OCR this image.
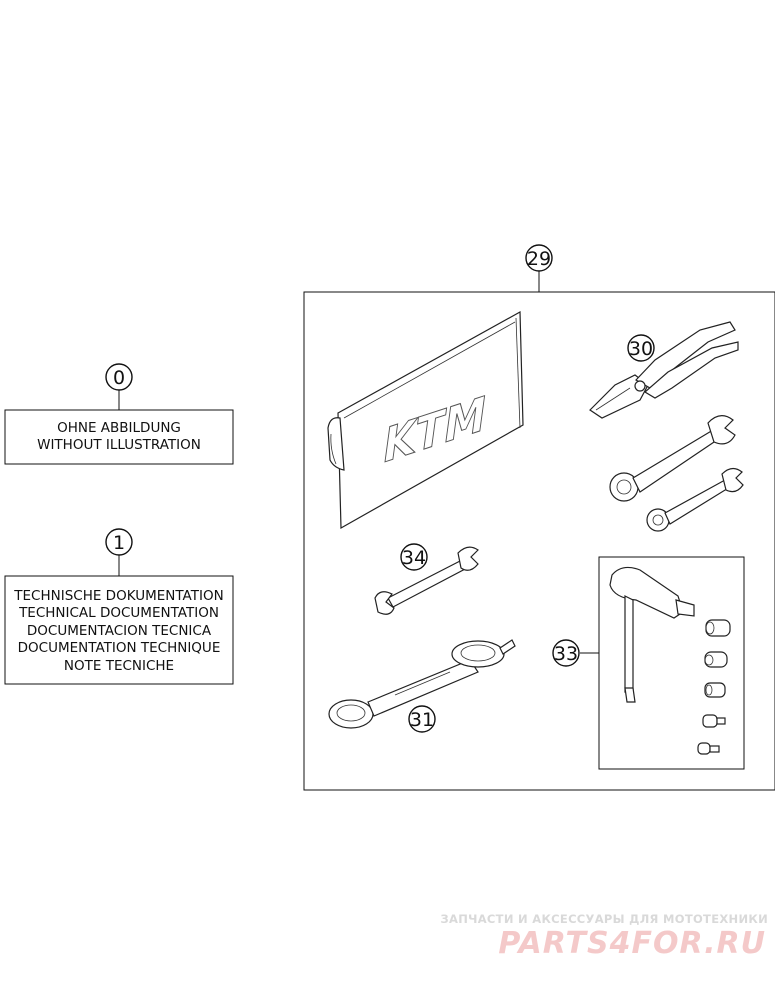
0
OHNE ABBILDUNG
WITHOUT ILLUSTRATION
1
TECHNISCHE DOKUMENTATION
TECHNICAL DOCUMENTATION
DOCUMENTACION TECNICA
DOCUMENTATION TECHNIQUE
NOTE TECNICHE
29
KTM
30
34
31
33
ЗАПЧАСТИ И АКСЕССУАРЫ ДЛЯ МОТОТЕХНИКИ
PARTS4FOR.RU
